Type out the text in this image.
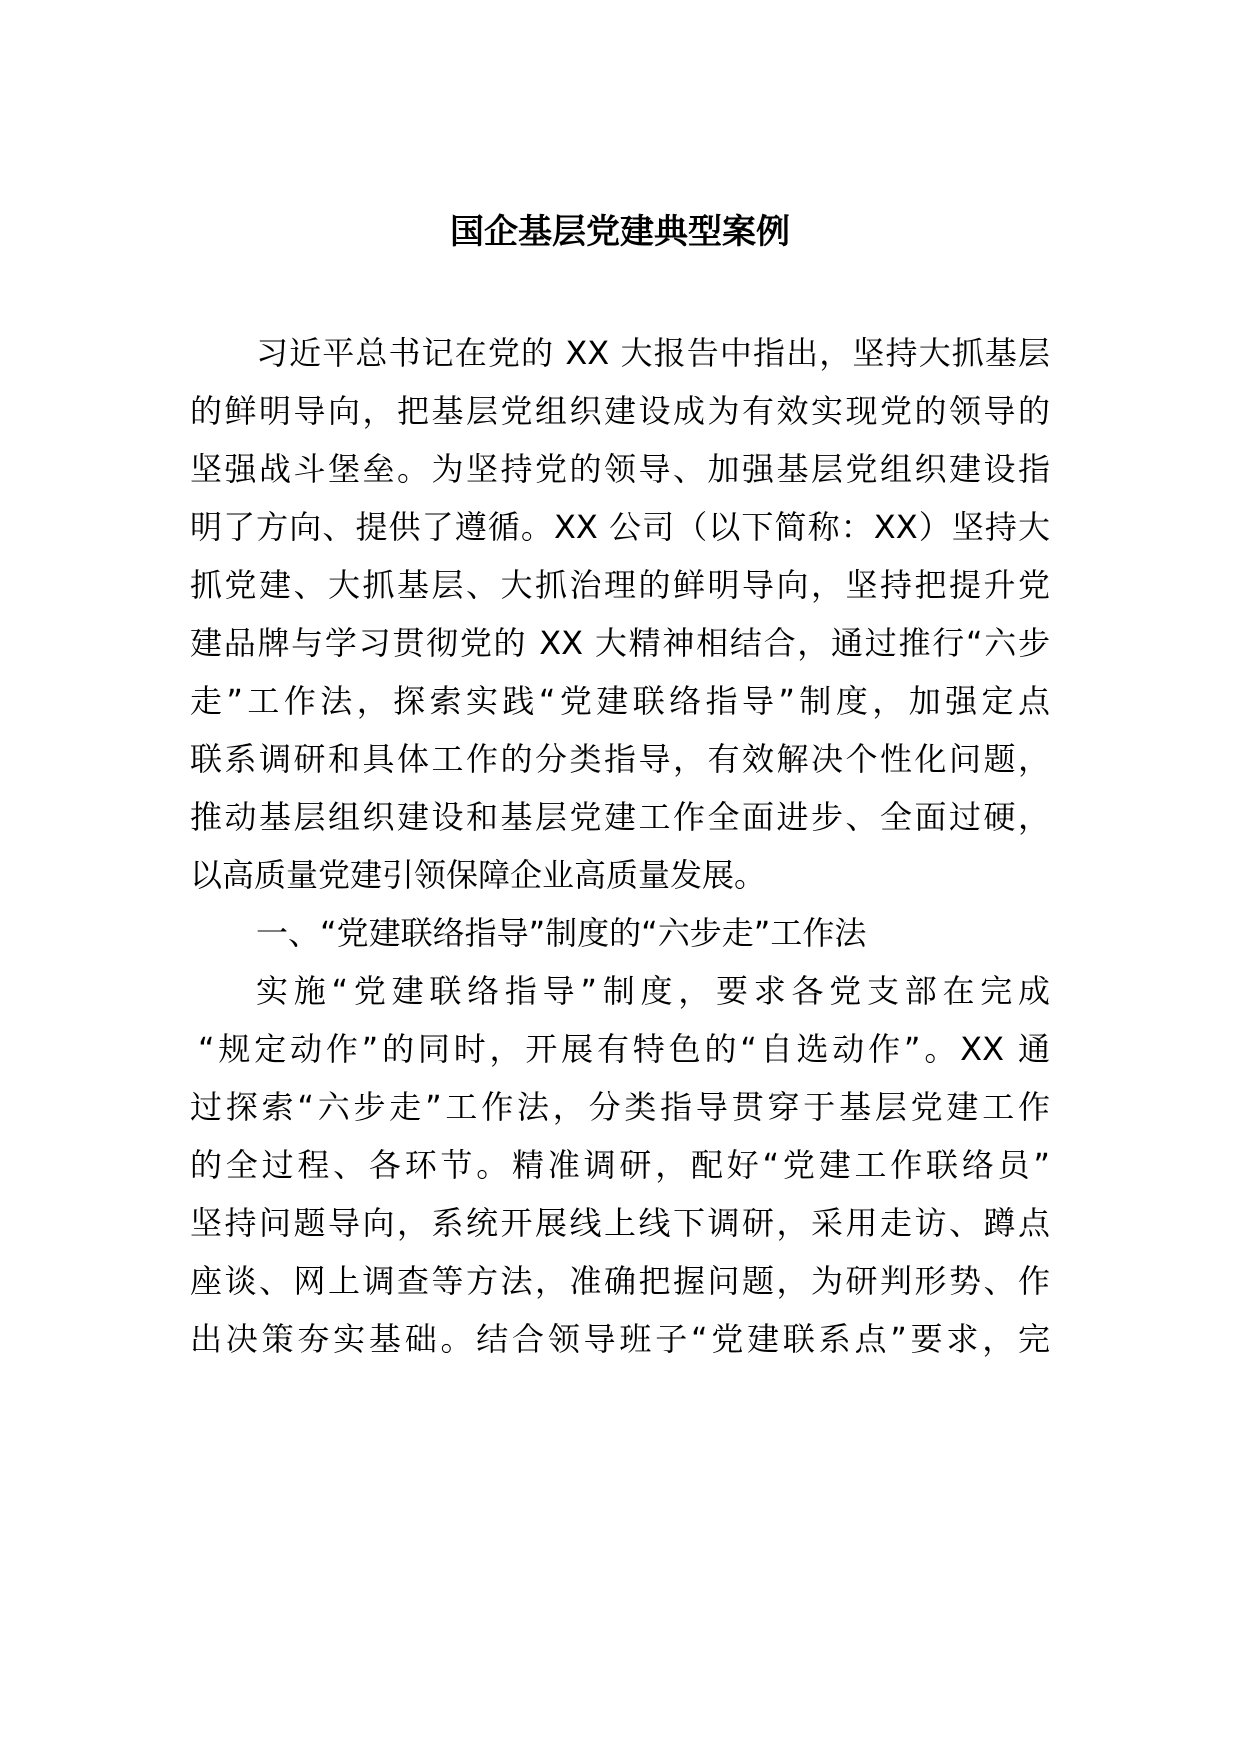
国企基层党建典型案例
习近平总书记在党的 XX 大报告中指出，坚持大抓基层
的鲜明导向，把基层党组织建设成为有效实现党的领导的
坚强战斗堡垒。为坚持党的领导、加强基层党组织建设指
明了方向、提供了遵循。XX 公司（以下简称：XX）坚持大
抓党建、大抓基层、大抓治理的鲜明导向，坚持把提升党
建品牌与学习贯彻党的 XX 大精神相结合，通过推行“六步
走”工作法，探索实践“党建联络指导”制度，加强定点
联系调研和具体工作的分类指导，有效解决个性化问题，
推动基层组织建设和基层党建工作全面进步、全面过硬，
以高质量党建引领保障企业高质量发展。
一、“党建联络指导”制度的“六步走”工作法
实施“党建联络指导”制度，要求各党支部在完成
“规定动作”的同时，开展有特色的“自选动作”。XX 通
过探索“六步走”工作法，分类指导贯穿于基层党建工作
的全过程、各环节。精准调研，配好“党建工作联络员”
坚持问题导向，系统开展线上线下调研，采用走访、蹲点
座谈、网上调查等方法，准确把握问题，为研判形势、作
出决策夯实基础。结合领导班子“党建联系点”要求，完
